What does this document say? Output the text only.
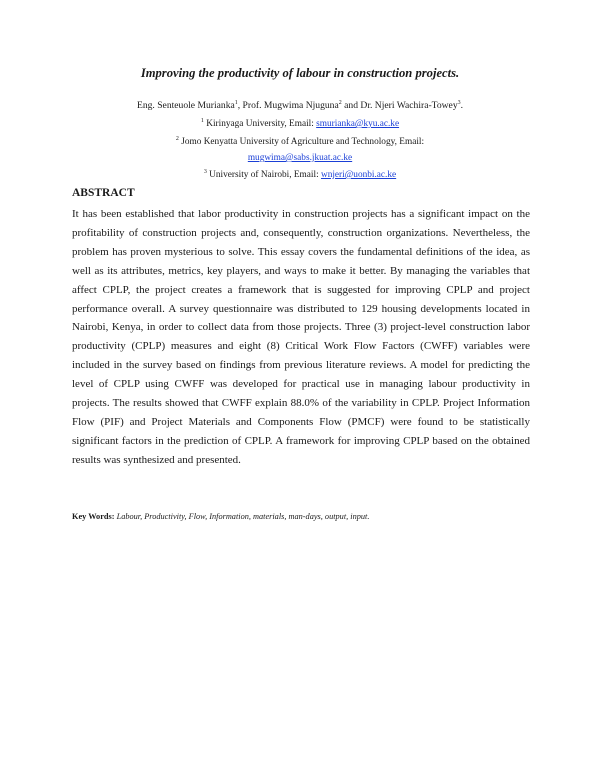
Improving the productivity of labour in construction projects.
Eng. Senteuole Murianka$^1$, Prof. Mugwima Njuguna$^2$ and Dr. Njeri Wachira-Towey$^3$.
$^1$ Kirinyaga University, Email: smurianka@kyu.ac.ke
$^2$ Jomo Kenyatta University of Agriculture and Technology, Email:
mugwima@sabs.jkuat.ac.ke
$^3$ University of Nairobi, Email: wnjeri@uonbi.ac.ke
ABSTRACT

It has been established that labor productivity in construction projects has a significant impact on the profitability of construction projects and, consequently, construction organizations. Nevertheless, the problem has proven mysterious to solve. This essay covers the fundamental definitions of the idea, as well as its attributes, metrics, key players, and ways to make it better. By managing the variables that affect CPLP, the project creates a framework that is suggested for improving CPLP and project performance overall. A survey questionnaire was distributed to 129 housing developments located in Nairobi, Kenya, in order to collect data from those projects. Three (3) project-level construction labor productivity (CPLP) measures and eight (8) Critical Work Flow Factors (CWFF) variables were included in the survey based on findings from previous literature reviews. A model for predicting the level of CPLP using CWFF was developed for practical use in managing labour productivity in projects. The results showed that CWFF explain 88.0% of the variability in CPLP. Project Information Flow (PIF) and Project Materials and Components Flow (PMCF) were found to be statistically significant factors in the prediction of CPLP. A framework for improving CPLP based on the obtained results was synthesized and presented.

Key Words: Labour, Productivity, Flow, Information, materials, man-days, output, input.
